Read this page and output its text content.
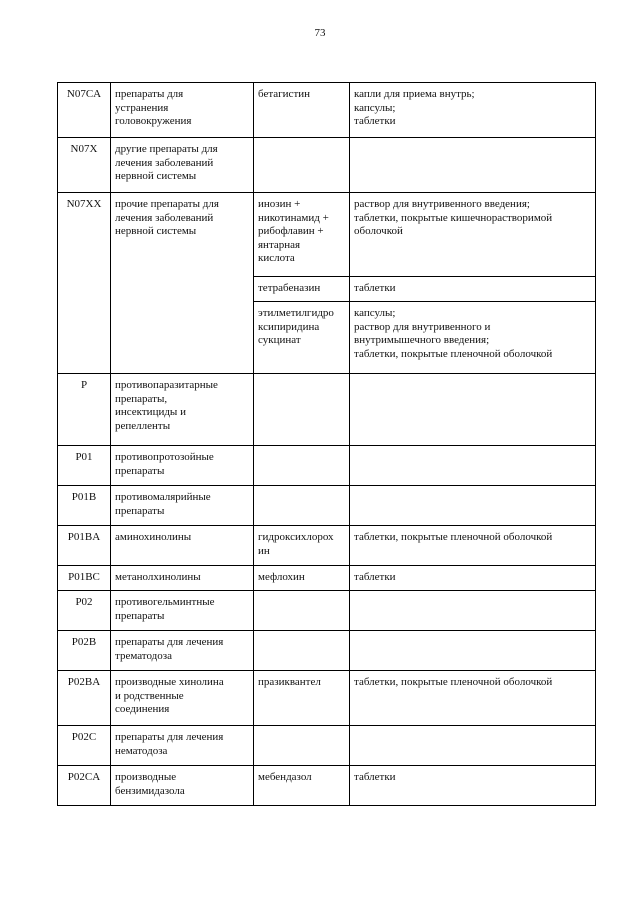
73
N07CA	препараты для
устранения
головокружения	бетагистин	капли для приема внутрь;
капсулы;
таблетки

N07X	другие препараты для
лечения заболеваний
нервной системы		

N07XX	прочие препараты для
лечения заболеваний
нервной системы	инозин +
никотинамид +
рибофлавин +
янтарная
кислота	раствор для внутривенного введения;
таблетки, покрытые кишечнорастворимой
оболочкой

		тетрабеназин	таблетки

		этилметилгидро
ксипиридина
сукцинат	капсулы;
раствор для внутривенного и
внутримышечного введения;
таблетки, покрытые пленочной оболочкой

P	противопаразитарные
препараты,
инсектициды и
репелленты		

P01	противопротозойные
препараты		

P01B	противомалярийные
препараты		

P01BA	аминохинолины	гидроксихлорох
ин	таблетки, покрытые пленочной оболочкой

P01BC	метанолхинолины	мефлохин	таблетки

P02	противогельминтные
препараты		

P02B	препараты для лечения
трематодоза		

P02BA	производные хинолина
и родственные
соединения	празиквантел	таблетки, покрытые пленочной оболочкой

P02C	препараты для лечения
нематодоза		

P02CA	производные
бензимидазола	мебендазол	таблетки
